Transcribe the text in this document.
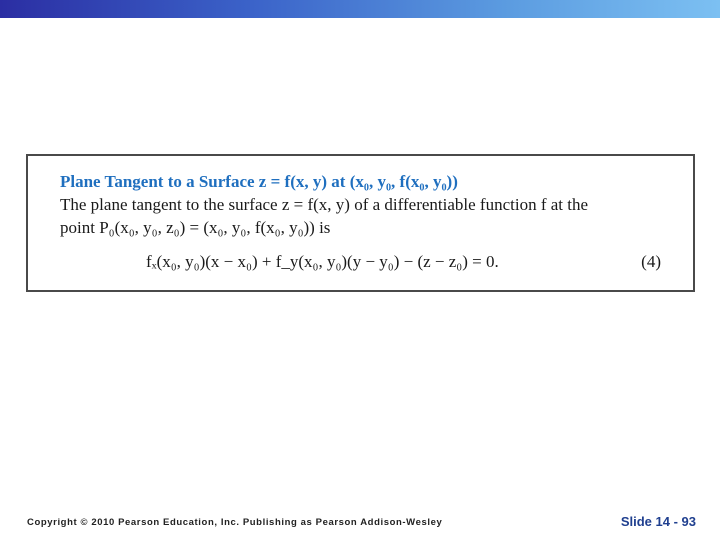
Plane Tangent to a Surface z = f(x, y) at (x₀, y₀, f(x₀, y₀))
The plane tangent to the surface z = f(x, y) of a differentiable function f at the
point P₀(x₀, y₀, z₀) = (x₀, y₀, f(x₀, y₀)) is
fₓ(x₀, y₀)(x − x₀) + f_y(x₀, y₀)(y − y₀) − (z − z₀) = 0.	(4)
Copyright © 2010 Pearson Education, Inc. Publishing as Pearson Addison-Wesley	Slide 14 - 93
